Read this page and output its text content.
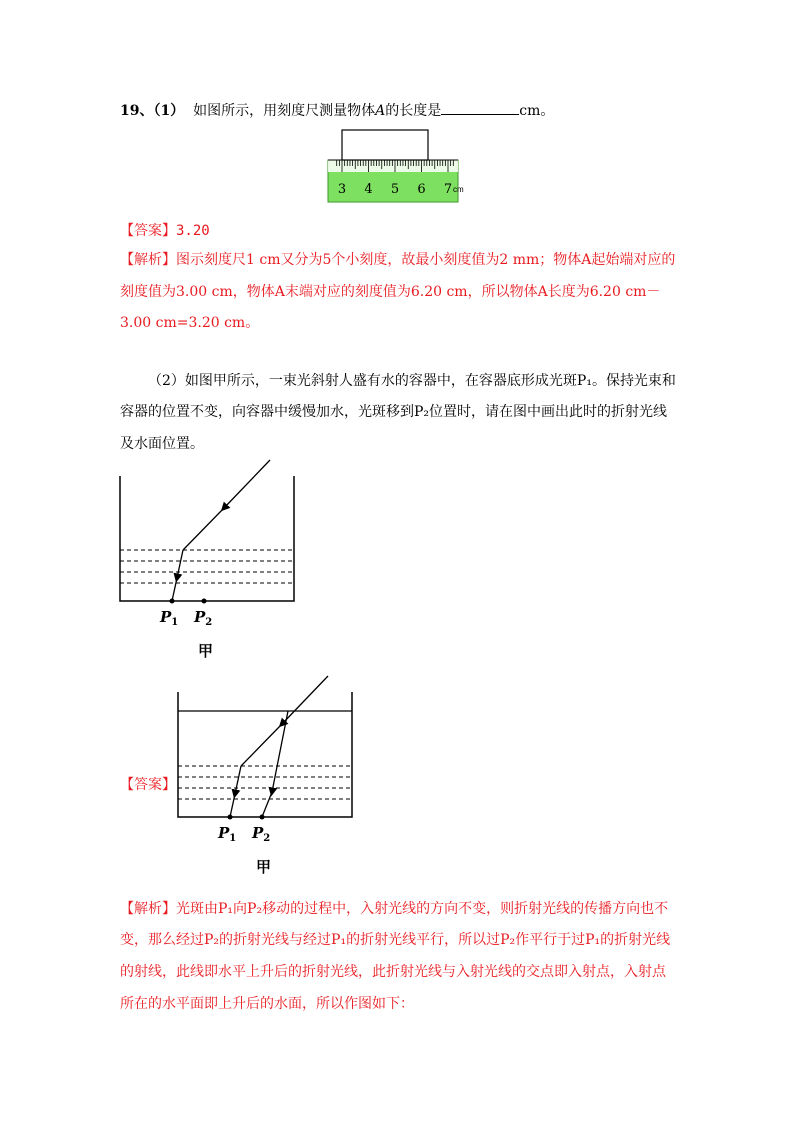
19、（1） 如图所示，用刻度尺测量物体A的长度是	cm。
3 4 5 6 7 cm
【答案】3.20
【解析】图示刻度尺1 cm又分为5个小刻度，故最小刻度值为2 mm；物体A起始端对应的
刻度值为3.00 cm，物体A末端对应的刻度值为6.20 cm，所以物体A长度为6.20 cm－
3.00 cm=3.20 cm。
（2）如图甲所示，一束光斜射人盛有水的容器中，在容器底形成光斑P₁。保持光束和
容器的位置不变，向容器中缓慢加水，光斑移到P₂位置时，请在图中画出此时的折射光线
及水面位置。
$P_1$ $P_2$
甲
【答案】
$P_1$ $P_2$
甲
【解析】光斑由P₁向P₂移动的过程中，入射光线的方向不变，则折射光线的传播方向也不
变，那么经过P₂的折射光线与经过P₁的折射光线平行，所以过P₂作平行于过P₁的折射光线
的射线，此线即水平上升后的折射光线，此折射光线与入射光线的交点即入射点，入射点
所在的水平面即上升后的水面，所以作图如下：
